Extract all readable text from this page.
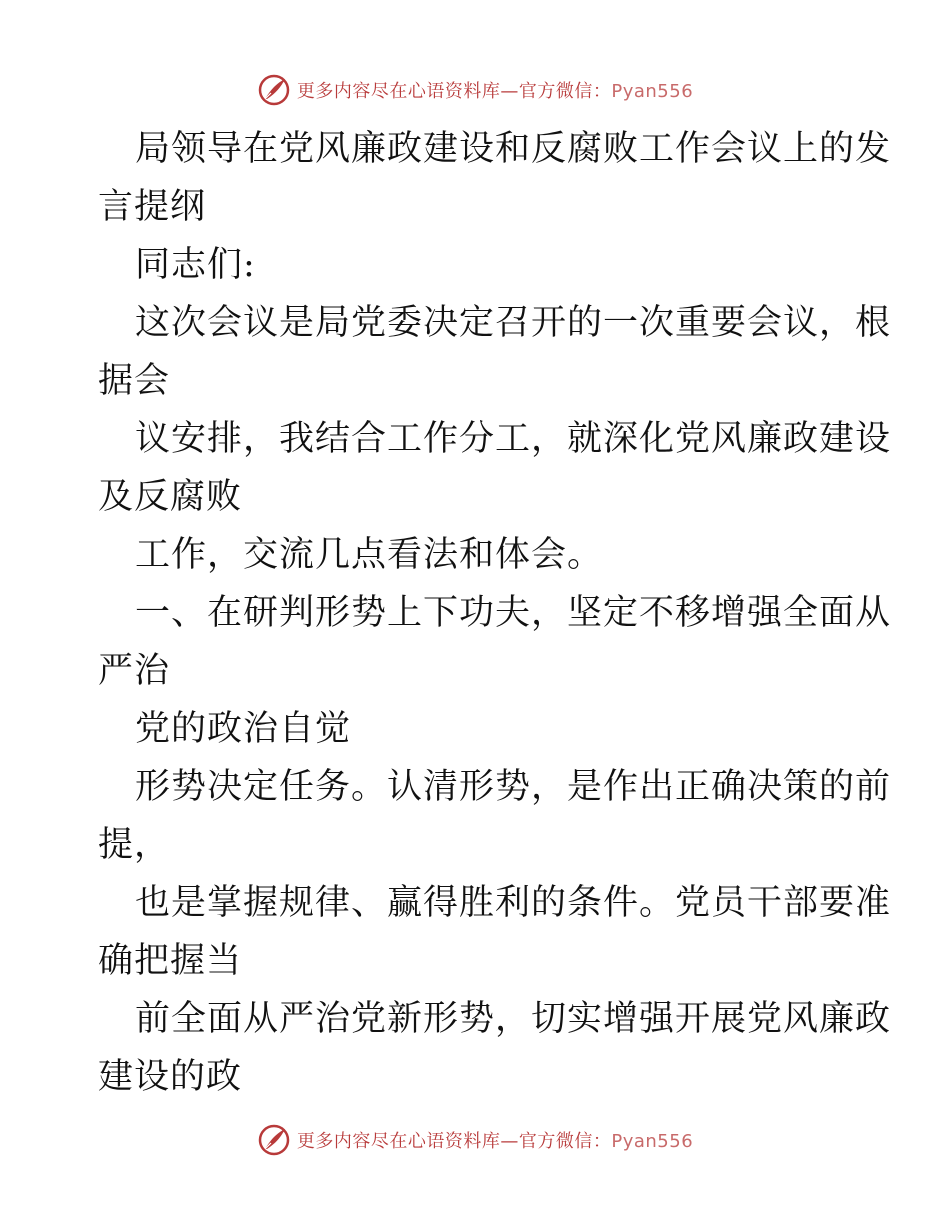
更多内容尽在心语资料库—官方微信：Pyan556
局领导在党风廉政建设和反腐败工作会议上的发
言提纲
同志们:
这次会议是局党委决定召开的一次重要会议，根
据会
议安排，我结合工作分工，就深化党风廉政建设
及反腐败
工作，交流几点看法和体会。
一、在研判形势上下功夫，坚定不移增强全面从
严治
党的政治自觉
形势决定任务。认清形势，是作出正确决策的前
提，
也是掌握规律、赢得胜利的条件。党员干部要准
确把握当
前全面从严治党新形势，切实增强开展党风廉政
建设的政
更多内容尽在心语资料库—官方微信：Pyan556
